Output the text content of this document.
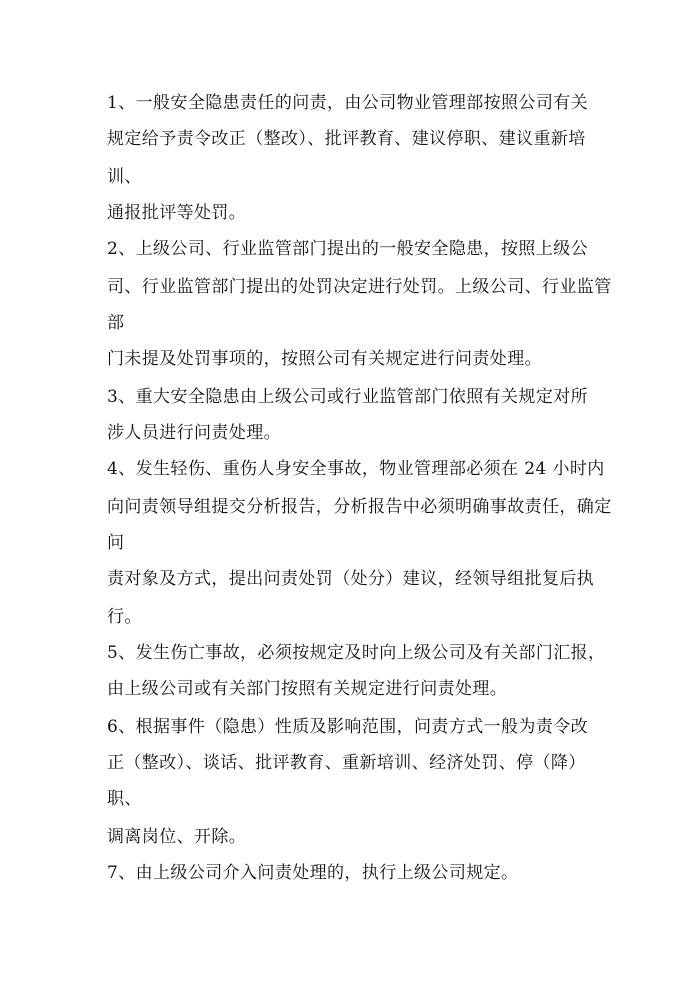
1、一般安全隐患责任的问责，由公司物业管理部按照公司有关
规定给予责令改正（整改）、批评教育、建议停职、建议重新培
训、
通报批评等处罚。
2、上级公司、行业监管部门提出的一般安全隐患，按照上级公
司、行业监管部门提出的处罚决定进行处罚。上级公司、行业监管
部
门未提及处罚事项的，按照公司有关规定进行问责处理。
3、重大安全隐患由上级公司或行业监管部门依照有关规定对所
涉人员进行问责处理。
4、发生轻伤、重伤人身安全事故，物业管理部必须在 24 小时内
向问责领导组提交分析报告，分析报告中必须明确事故责任，确定
问
责对象及方式，提出问责处罚（处分）建议，经领导组批复后执
行。
5、发生伤亡事故，必须按规定及时向上级公司及有关部门汇报，
由上级公司或有关部门按照有关规定进行问责处理。
6、根据事件（隐患）性质及影响范围，问责方式一般为责令改
正（整改）、谈话、批评教育、重新培训、经济处罚、停（降）
职、
调离岗位、开除。
7、由上级公司介入问责处理的，执行上级公司规定。
